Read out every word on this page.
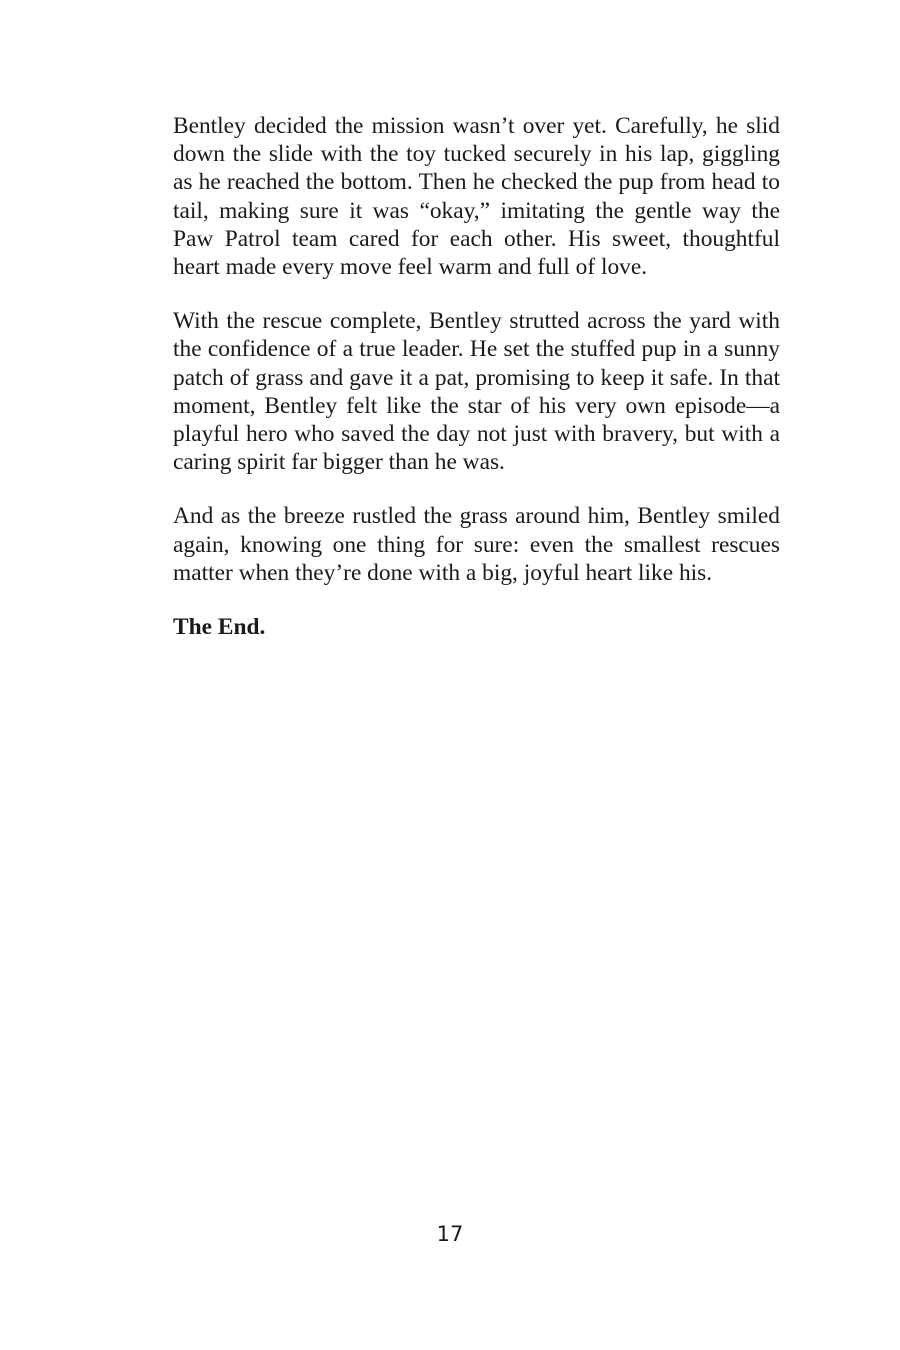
Bentley decided the mission wasn’t over yet. Carefully, he slid down the slide with the toy tucked securely in his lap, giggling as he reached the bottom. Then he checked the pup from head to tail, making sure it was “okay,” imitating the gentle way the Paw Patrol team cared for each other. His sweet, thoughtful heart made every move feel warm and full of love.

With the rescue complete, Bentley strutted across the yard with the confidence of a true leader. He set the stuffed pup in a sunny patch of grass and gave it a pat, promising to keep it safe. In that moment, Bentley felt like the star of his very own episode—a playful hero who saved the day not just with bravery, but with a caring spirit far bigger than he was.

And as the breeze rustled the grass around him, Bentley smiled again, knowing one thing for sure: even the smallest rescues matter when they’re done with a big, joyful heart like his.

The End.

17
